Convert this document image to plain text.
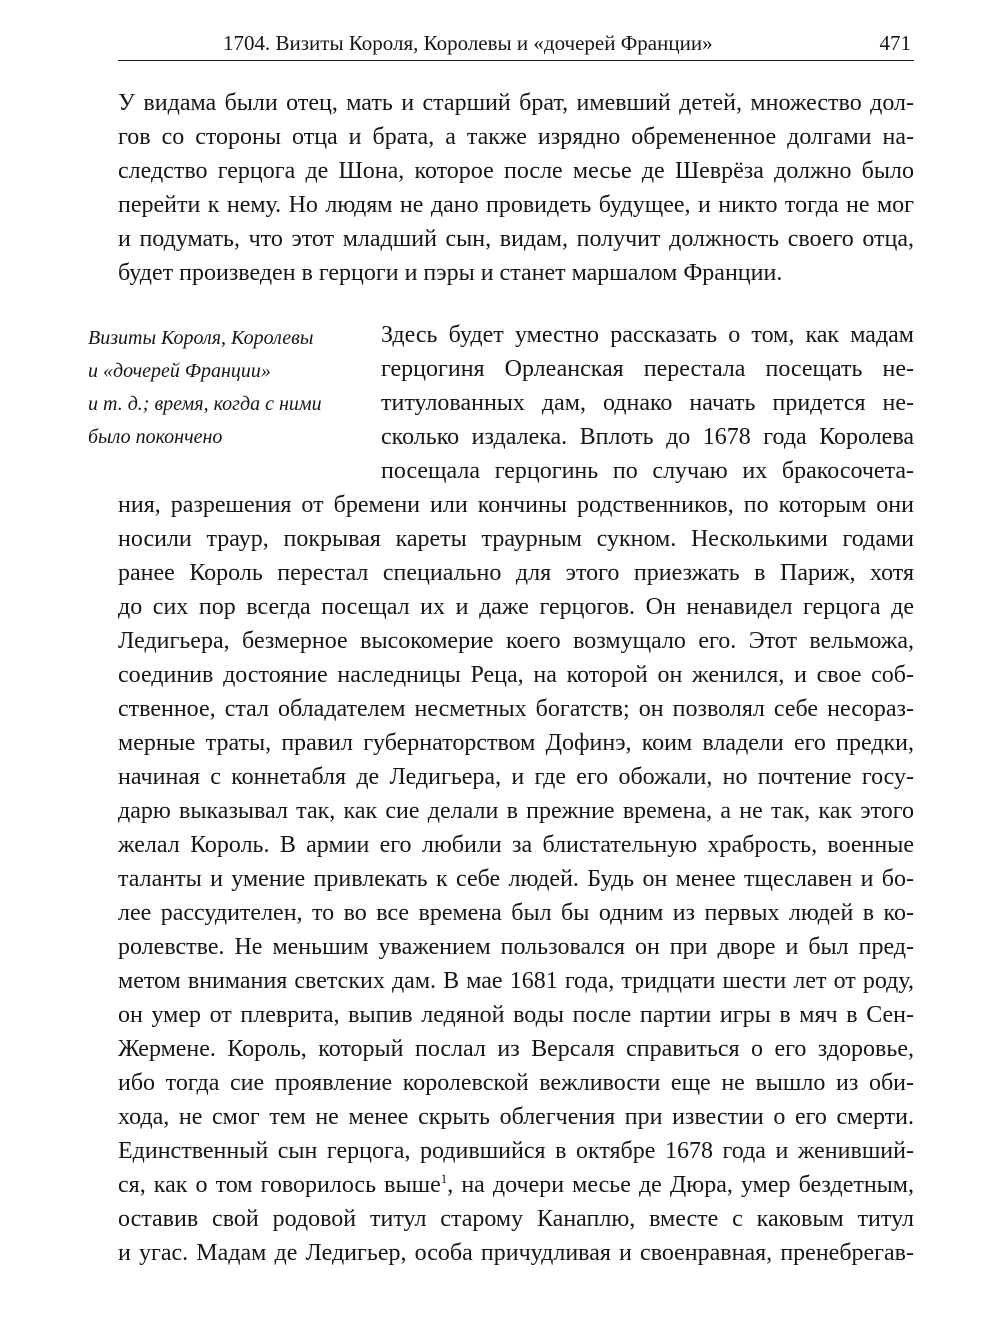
1704. Визиты Короля, Королевы и «дочерей Франции»	471
У видама были отец, мать и старший брат, имевший детей, множество дол-
гов со стороны отца и брата, а также изрядно обремененное долгами на-
следство герцога де Шона, которое после месье де Шеврёза должно было
перейти к нему. Но людям не дано провидеть будущее, и никто тогда не мог
и подумать, что этот младший сын, видам, получит должность своего отца,
будет произведен в герцоги и пэры и станет маршалом Франции.
Визиты Короля, Королевы
и «дочерей Франции»
и т. д.; время, когда с ними
было покончено
Здесь будет уместно рассказать о том, как мадам
герцогиня Орлеанская перестала посещать не-
титулованных дам, однако начать придется не-
сколько издалека. Вплоть до 1678 года Королева
посещала герцогинь по случаю их бракосочета-
ния, разрешения от бремени или кончины родственников, по которым они
носили траур, покрывая кареты траурным сукном. Несколькими годами
ранее Король перестал специально для этого приезжать в Париж, хотя
до сих пор всегда посещал их и даже герцогов. Он ненавидел герцога де
Ледигьера, безмерное высокомерие коего возмущало его. Этот вельможа,
соединив достояние наследницы Реца, на которой он женился, и свое соб-
ственное, стал обладателем несметных богатств; он позволял себе несораз-
мерные траты, правил губернаторством Дофинэ, коим владели его предки,
начиная с коннетабля де Ледигьера, и где его обожали, но почтение госу-
дарю выказывал так, как сие делали в прежние времена, а не так, как этого
желал Король. В армии его любили за блистательную храбрость, военные
таланты и умение привлекать к себе людей. Будь он менее тщеславен и бо-
лее рассудителен, то во все времена был бы одним из первых людей в ко-
ролевстве. Не меньшим уважением пользовался он при дворе и был пред-
метом внимания светских дам. В мае 1681 года, тридцати шести лет от роду,
он умер от плеврита, выпив ледяной воды после партии игры в мяч в Сен-
Жермене. Король, который послал из Версаля справиться о его здоровье,
ибо тогда сие проявление королевской вежливости еще не вышло из оби-
хода, не смог тем не менее скрыть облегчения при известии о его смерти.
Единственный сын герцога, родившийся в октябре 1678 года и женивший-
ся, как о том говорилось выше$^1$, на дочери месье де Дюра, умер бездетным,
оставив свой родовой титул старому Канаплю, вместе с каковым титул
и угас. Мадам де Ледигьер, особа причудливая и своенравная, пренебрегав-
